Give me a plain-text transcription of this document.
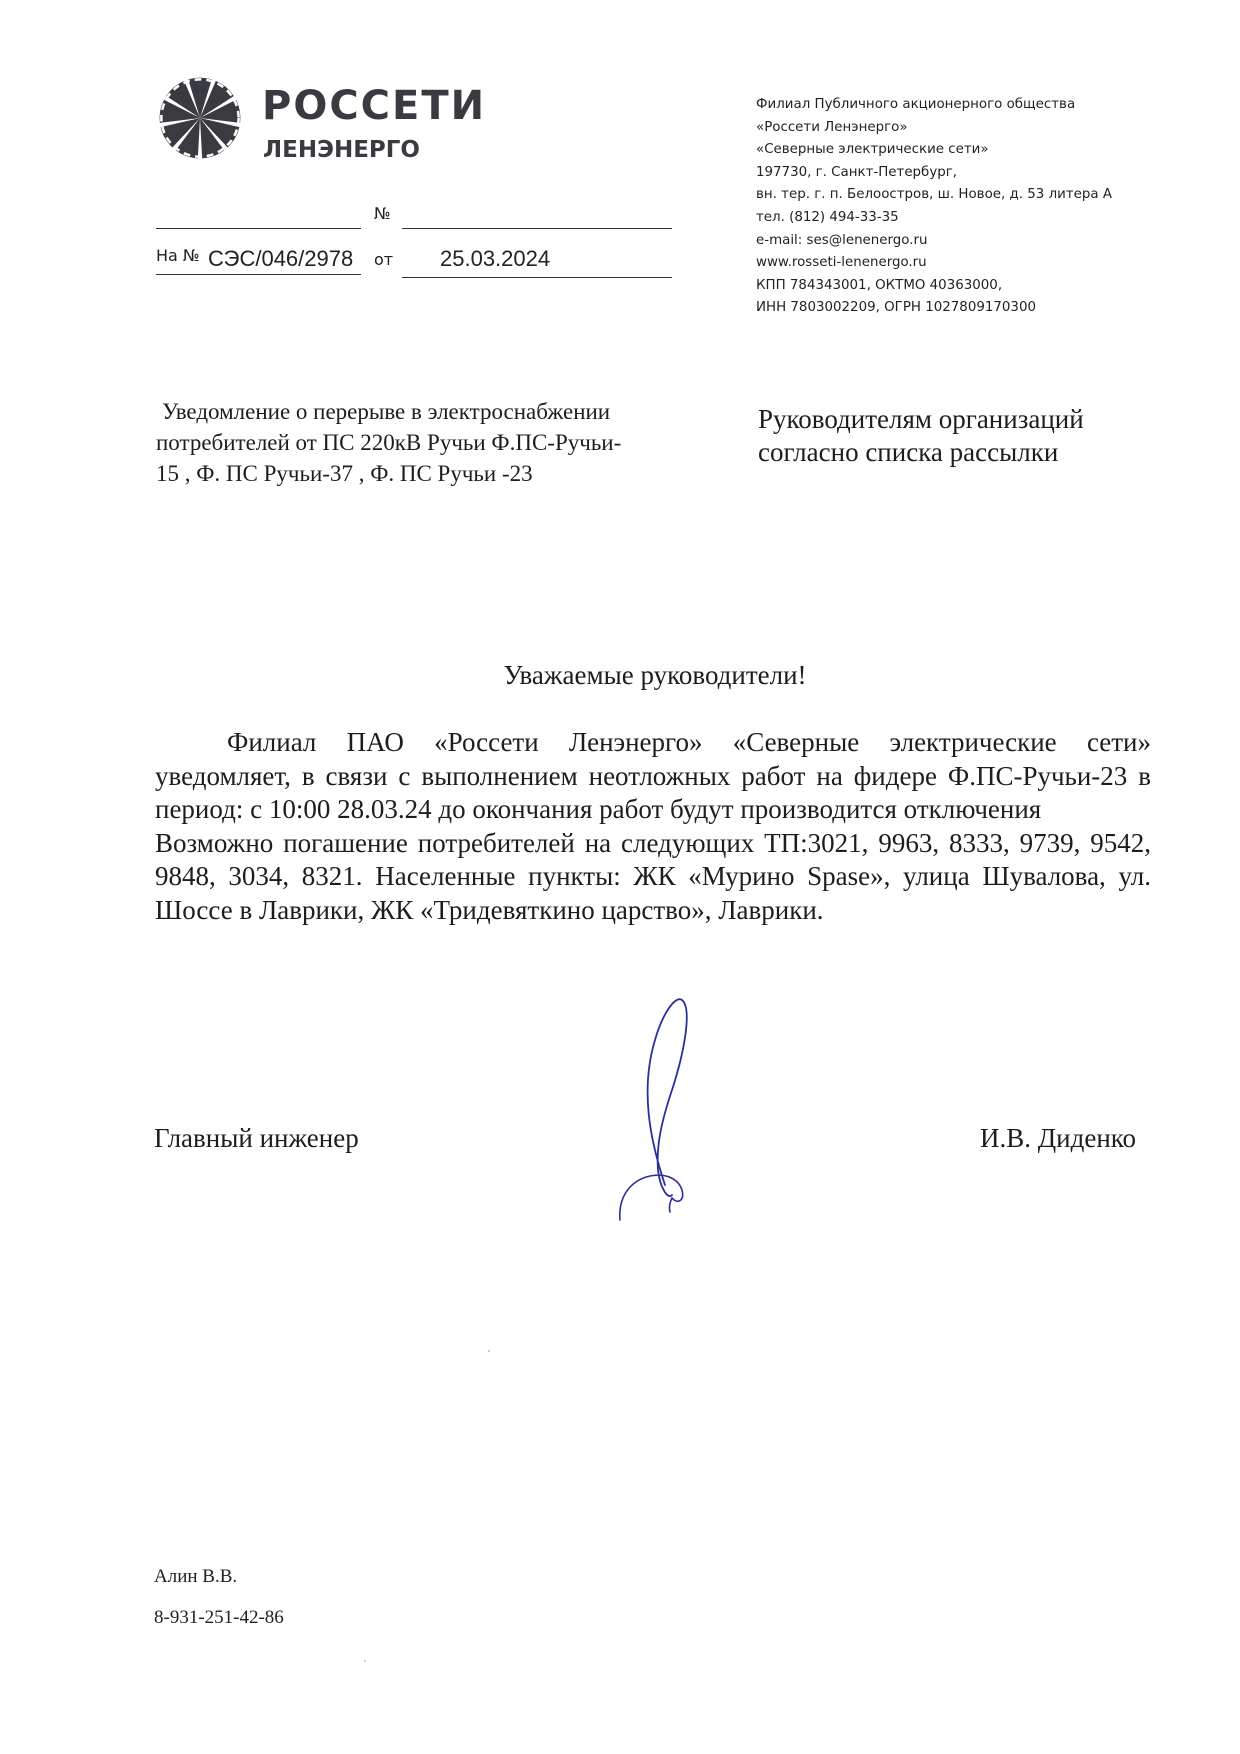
РОССЕТИ
ЛЕНЭНЕРГО
Филиал Публичного акционерного общества
«Россети Ленэнерго»
«Северные электрические сети»
197730, г. Санкт-Петербург,
вн. тер. г. п. Белоостров, ш. Новое, д. 53 литера А
тел. (812) 494-33-35
e-mail: ses@lenenergo.ru
www.rosseti-lenenergo.ru
КПП 784343001, ОКТМО 40363000,
ИНН 7803002209, ОГРН 1027809170300
№
На № СЭС/046/2978 от 25.03.2024
Уведомление о перерыве в электроснабжении
потребителей от ПС 220кВ Ручьи Ф.ПС-Ручьи-
15 , Ф. ПС Ручьи-37 , Ф. ПС Ручьи -23
Руководителям организаций
согласно списка рассылки
Уважаемые руководители!

Филиал ПАО «Россети Ленэнерго» «Северные электрические сети» уведомляет, в связи с выполнением неотложных работ на фидере Ф.ПС-Ручьи-23 в период: с 10:00 28.03.24 до окончания работ будут производится отключения

Возможно погашение потребителей на следующих ТП:3021, 9963, 8333, 9739, 9542, 9848, 3034, 8321. Населенные пункты: ЖК «Мурино Spase», улица Шувалова, ул. Шоссе в Лаврики, ЖК «Тридевяткино царство», Лаврики.

Главный инженер	И.В. Диденко
Алин В.В.
8-931-251-42-86
